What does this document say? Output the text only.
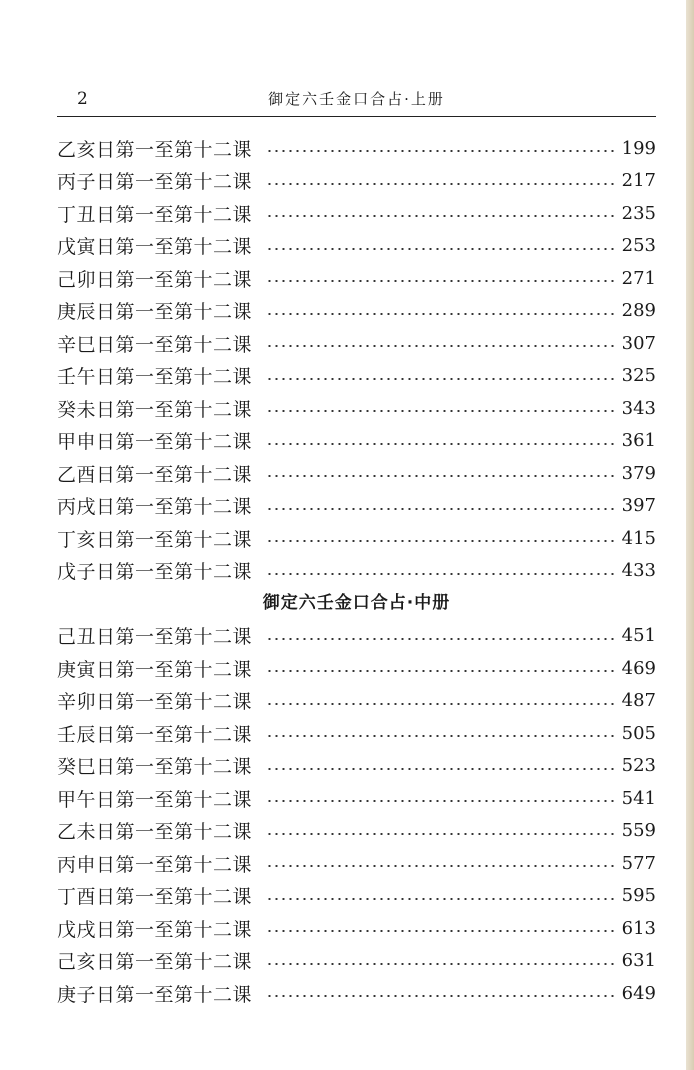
2	御定六壬金口合占·上册
乙亥日第一至第十二课	199
丙子日第一至第十二课	217
丁丑日第一至第十二课	235
戊寅日第一至第十二课	253
己卯日第一至第十二课	271
庚辰日第一至第十二课	289
辛巳日第一至第十二课	307
壬午日第一至第十二课	325
癸未日第一至第十二课	343
甲申日第一至第十二课	361
乙酉日第一至第十二课	379
丙戌日第一至第十二课	397
丁亥日第一至第十二课	415
戊子日第一至第十二课	433
御定六壬金口合占·中册
己丑日第一至第十二课	451
庚寅日第一至第十二课	469
辛卯日第一至第十二课	487
壬辰日第一至第十二课	505
癸巳日第一至第十二课	523
甲午日第一至第十二课	541
乙未日第一至第十二课	559
丙申日第一至第十二课	577
丁酉日第一至第十二课	595
戊戌日第一至第十二课	613
己亥日第一至第十二课	631
庚子日第一至第十二课	649
